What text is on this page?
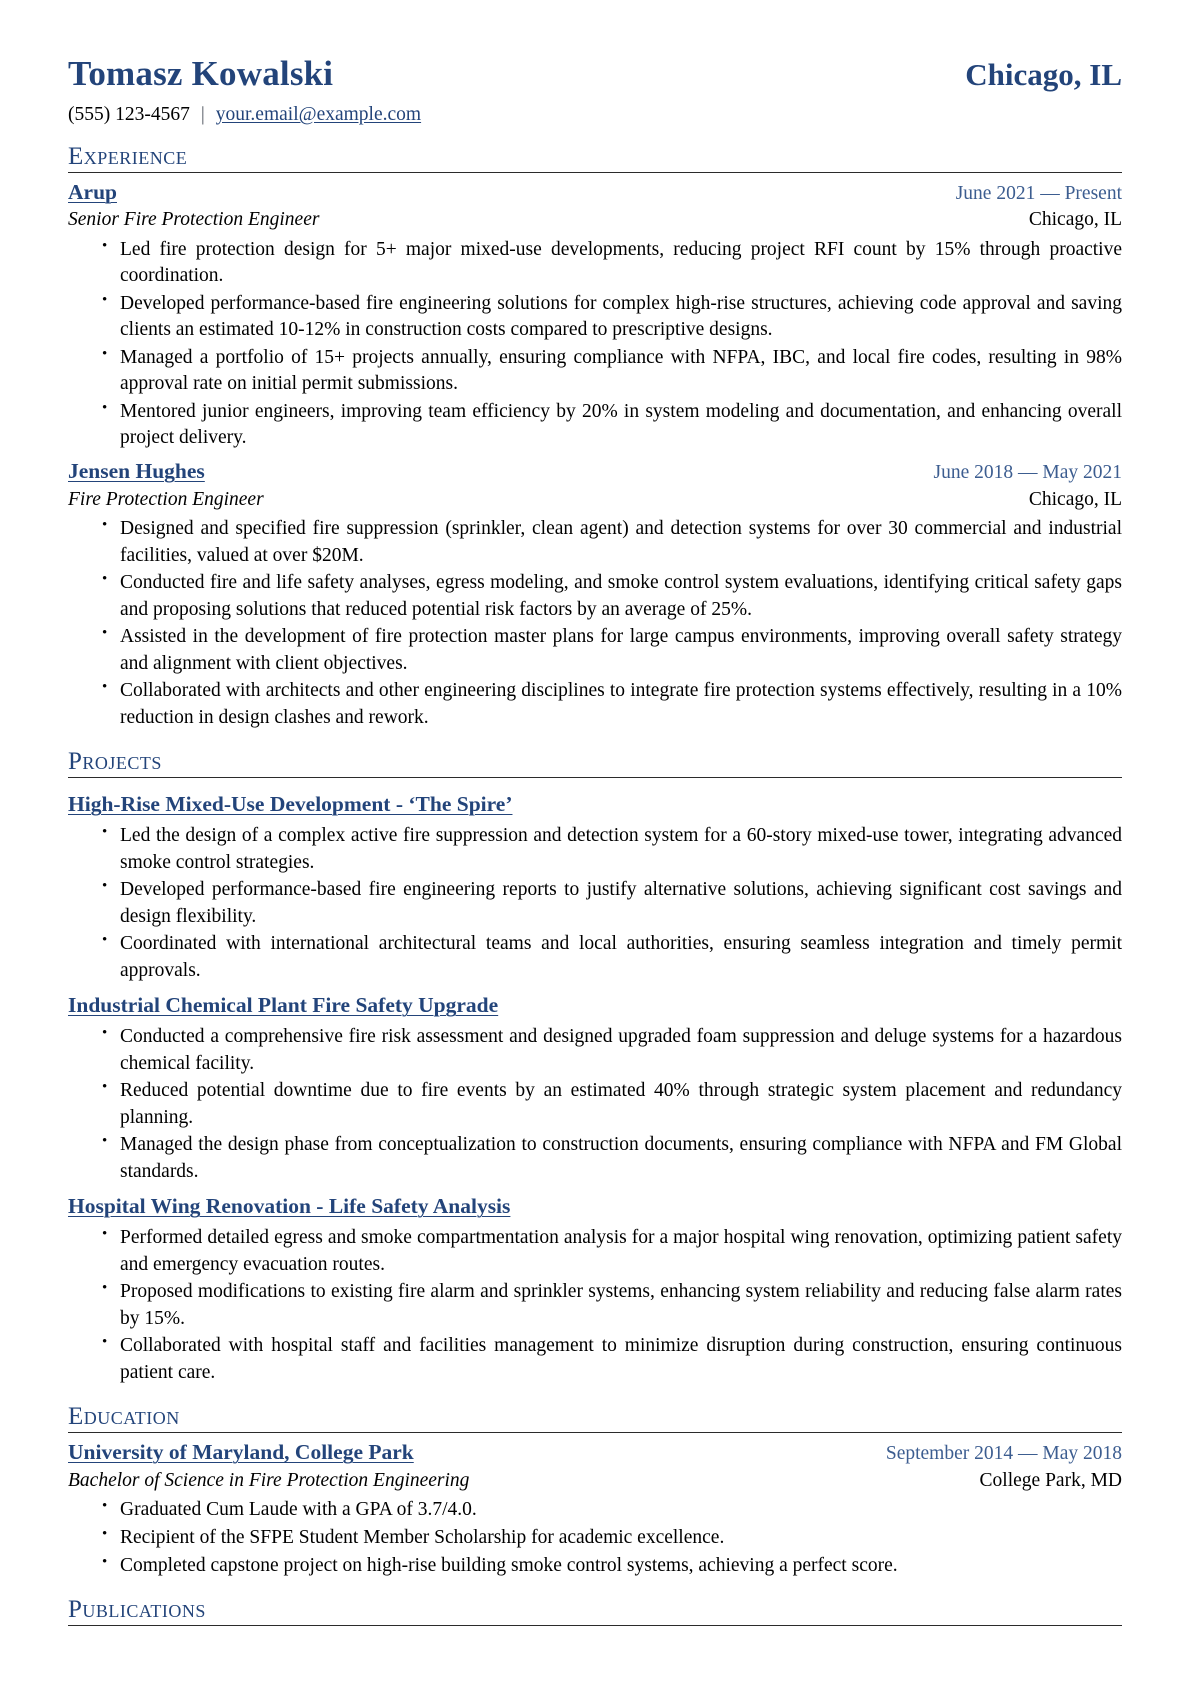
Tomasz Kowalski	Chicago, IL
(555) 123-4567 | your.email@example.com
Experience
Arup	June 2021 — Present
Senior Fire Protection Engineer	Chicago, IL
• Led fire protection design for 5+ major mixed-use developments, reducing project RFI count by 15% through proactive coordination.
• Developed performance-based fire engineering solutions for complex high-rise structures, achieving code approval and saving clients an estimated 10-12% in construction costs compared to prescriptive designs.
• Managed a portfolio of 15+ projects annually, ensuring compliance with NFPA, IBC, and local fire codes, resulting in 98% approval rate on initial permit submissions.
• Mentored junior engineers, improving team efficiency by 20% in system modeling and documentation, and enhancing overall project delivery.
Jensen Hughes	June 2018 — May 2021
Fire Protection Engineer	Chicago, IL
• Designed and specified fire suppression (sprinkler, clean agent) and detection systems for over 30 commercial and industrial facilities, valued at over $20M.
• Conducted fire and life safety analyses, egress modeling, and smoke control system evaluations, identifying critical safety gaps and proposing solutions that reduced potential risk factors by an average of 25%.
• Assisted in the development of fire protection master plans for large campus environments, improving overall safety strategy and alignment with client objectives.
• Collaborated with architects and other engineering disciplines to integrate fire protection systems effectively, resulting in a 10% reduction in design clashes and rework.
Projects
High-Rise Mixed-Use Development - ‘The Spire’
• Led the design of a complex active fire suppression and detection system for a 60-story mixed-use tower, integrating advanced smoke control strategies.
• Developed performance-based fire engineering reports to justify alternative solutions, achieving significant cost savings and design flexibility.
• Coordinated with international architectural teams and local authorities, ensuring seamless integration and timely permit approvals.
Industrial Chemical Plant Fire Safety Upgrade
• Conducted a comprehensive fire risk assessment and designed upgraded foam suppression and deluge systems for a hazardous chemical facility.
• Reduced potential downtime due to fire events by an estimated 40% through strategic system placement and redundancy planning.
• Managed the design phase from conceptualization to construction documents, ensuring compliance with NFPA and FM Global standards.
Hospital Wing Renovation - Life Safety Analysis
• Performed detailed egress and smoke compartmentation analysis for a major hospital wing renovation, optimizing patient safety and emergency evacuation routes.
• Proposed modifications to existing fire alarm and sprinkler systems, enhancing system reliability and reducing false alarm rates by 15%.
• Collaborated with hospital staff and facilities management to minimize disruption during construction, ensuring continuous patient care.
Education
University of Maryland, College Park	September 2014 — May 2018
Bachelor of Science in Fire Protection Engineering	College Park, MD
• Graduated Cum Laude with a GPA of 3.7/4.0.
• Recipient of the SFPE Student Member Scholarship for academic excellence.
• Completed capstone project on high-rise building smoke control systems, achieving a perfect score.
Publications
